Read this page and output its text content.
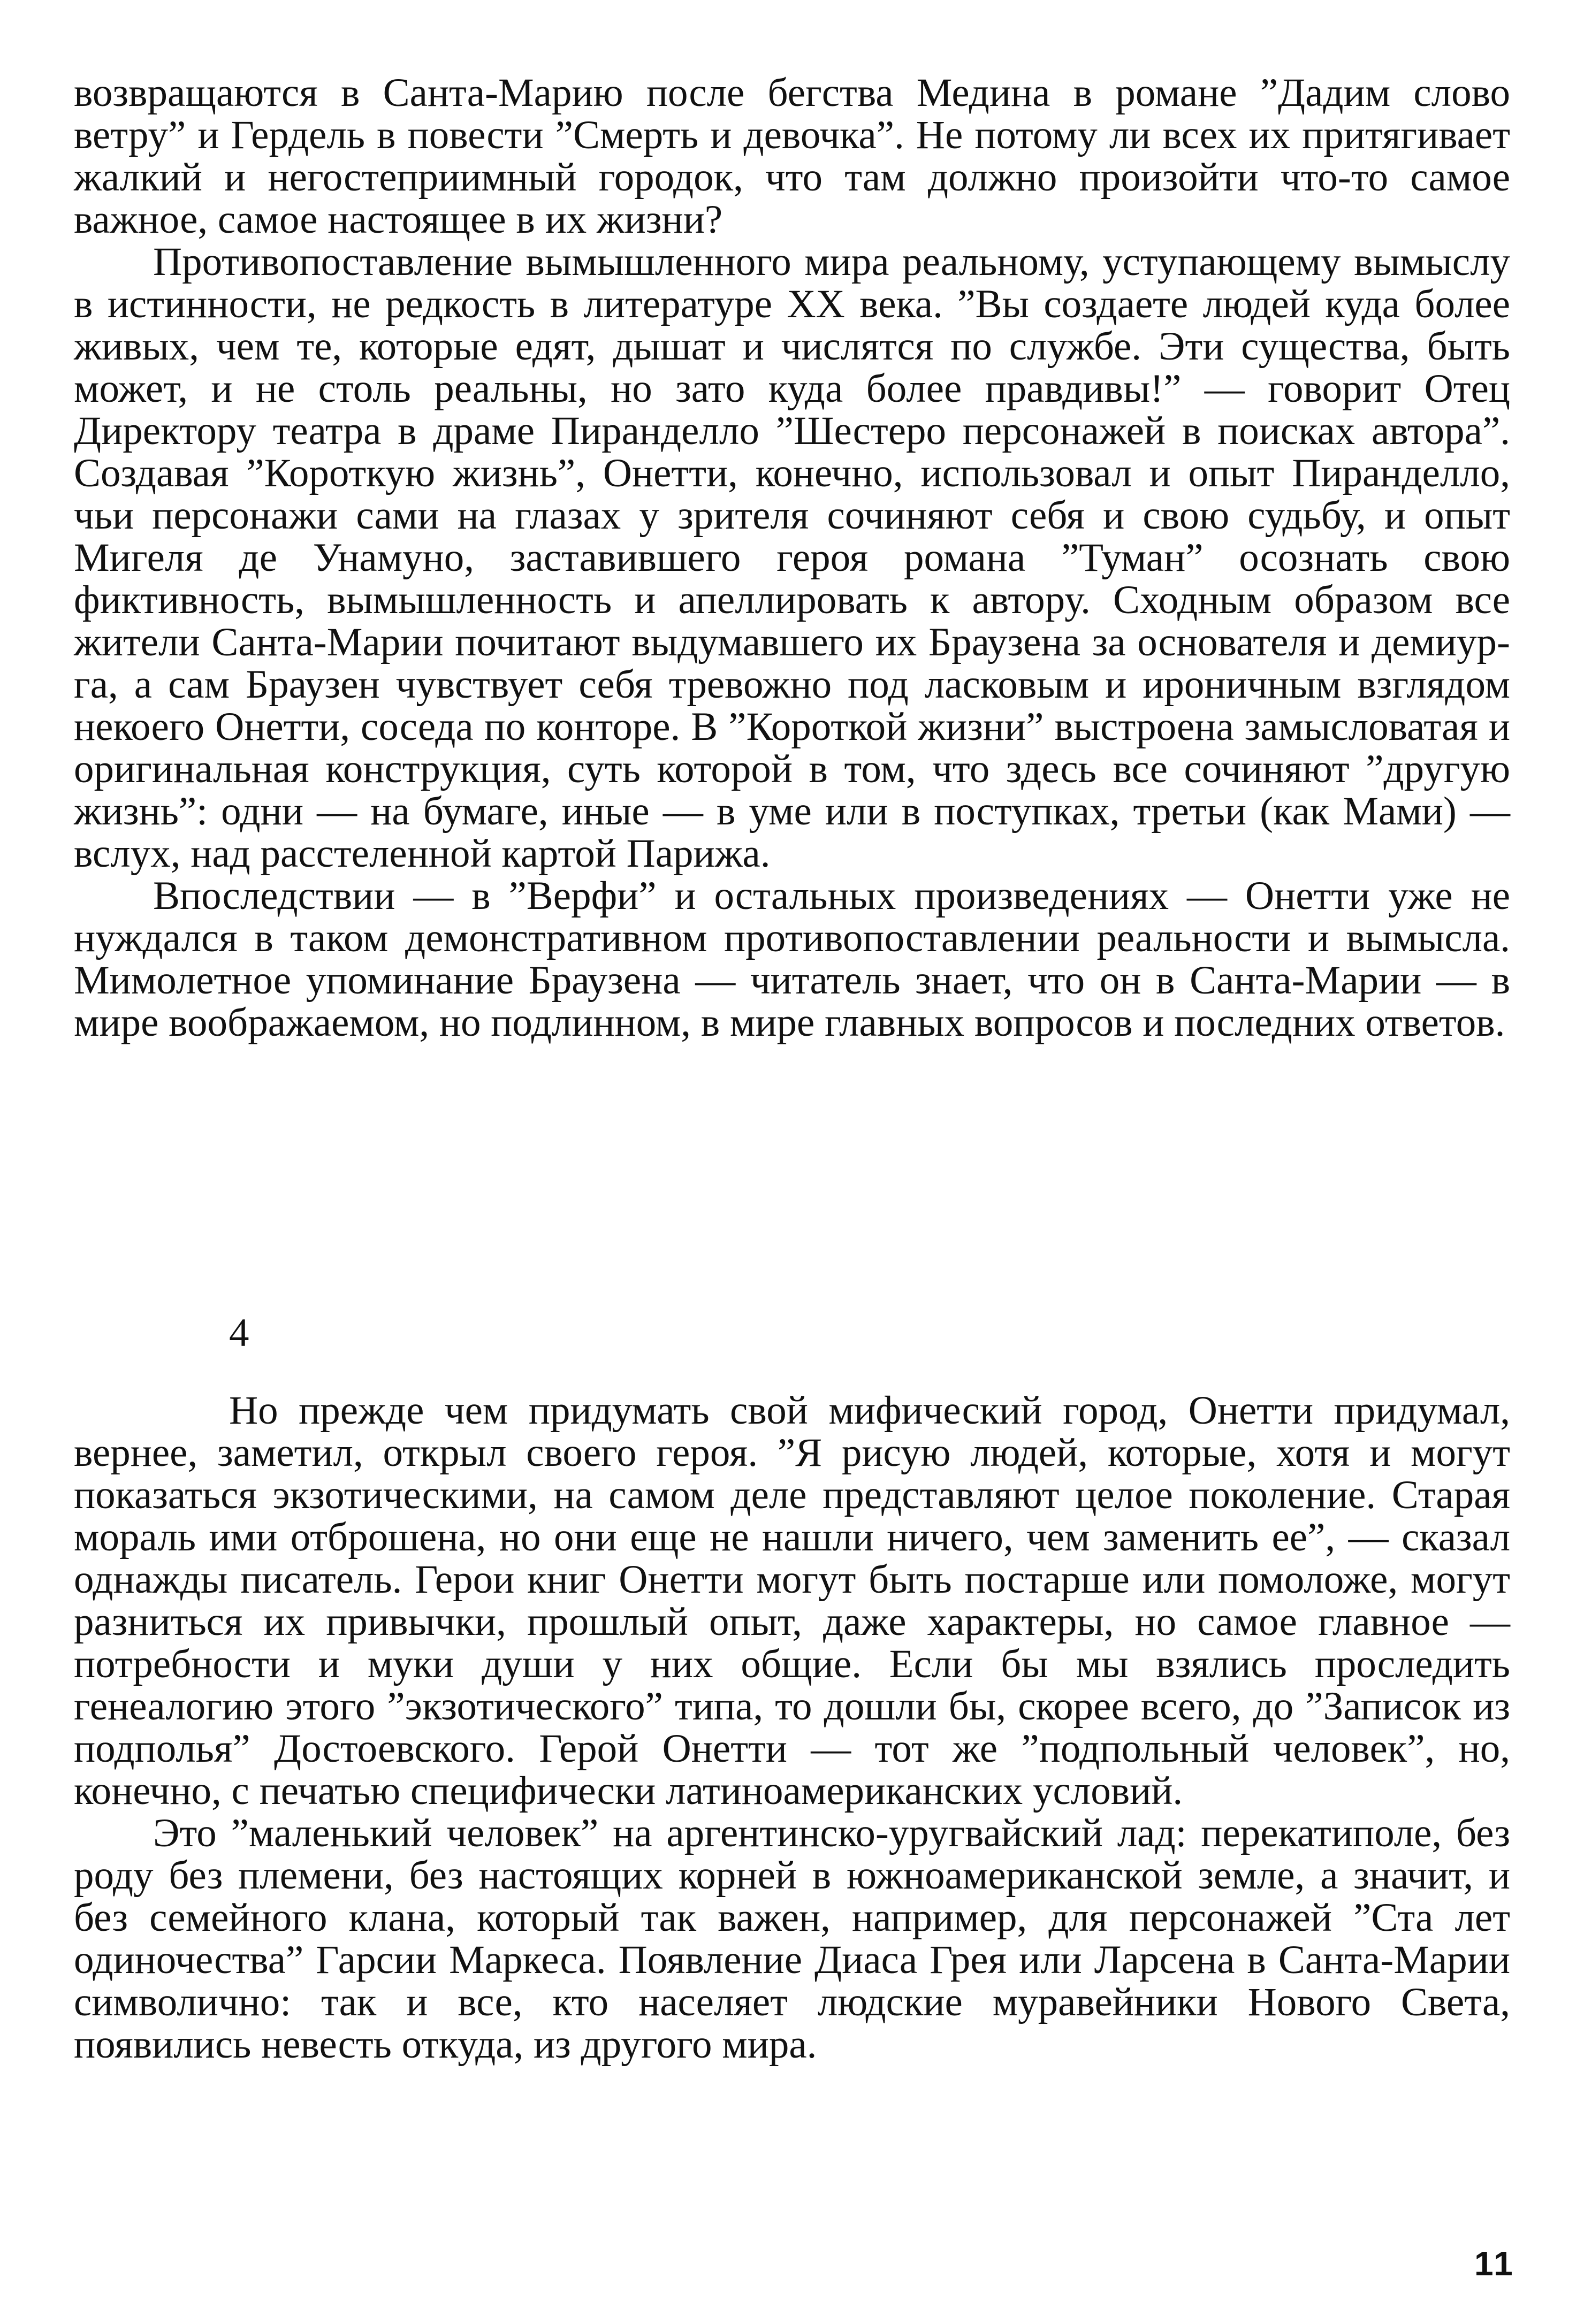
возвращаются в Санта-Марию после бегства Медина в романе ”Дадим слово ветру” и Гердель в повести ”Смерть и девочка”. Не потому ли всех их притягивает жалкий и негостеприимный городок, что там должно произойти что-то самое важное, самое настоящее в их жизни?

Противопоставление вымышленного мира реальному, уступающему вымыслу в истинности, не редкость в литературе XX века. ”Вы создаете людей куда более живых, чем те, которые едят, дышат и числятся по службе. Эти существа, быть может, и не столь реальны, но зато куда более правдивы!” — говорит Отец Директору театра в драме Пиранделло ”Шестеро персонажей в поисках автора”. Создавая ”Короткую жизнь”, Онетти, конечно, использовал и опыт Пиранделло, чьи персонажи сами на глазах у зрителя сочиняют себя и свою судьбу, и опыт Мигеля де Унамуно, заставившего героя романа ”Туман” осознать свою фиктивность, вымышленность и апеллировать к автору. Сходным образом все жители Санта-Марии почитают выдумавшего их Браузена за основателя и демиурга, а сам Браузен чувствует себя тревожно под ласковым и ироничным взглядом некоего Онетти, соседа по конторе. В ”Короткой жизни” выстроена замысловатая и оригинальная конструкция, суть которой в том, что здесь все сочиняют ”другую жизнь”: одни — на бумаге, иные — в уме или в поступках, третьи (как Мами) — вслух, над расстеленной картой Парижа.

Впоследствии — в ”Верфи” и остальных произведениях — Онетти уже не нуждался в таком демонстративном противопоставлении реальности и вымысла. Мимолетное упоминание Браузена — читатель знает, что он в Санта-Марии — в мире воображаемом, но подлинном, в мире главных вопросов и последних ответов.

4

Но прежде чем придумать свой мифический город, Онетти придумал, вернее, заметил, открыл своего героя. ”Я рисую людей, которые, хотя и могут показаться экзотическими, на самом деле представляют целое поколение. Старая мораль ими отброшена, но они еще не нашли ничего, чем заменить ее”, — сказал однажды писатель. Герои книг Онетти могут быть постарше или помоложе, могут разниться их привычки, прошлый опыт, даже характеры, но самое главное — потребности и муки души у них общие. Если бы мы взялись проследить генеалогию этого ”экзотического” типа, то дошли бы, скорее всего, до ”Записок из подполья” Достоевского. Герой Онетти — тот же ”подпольный человек”, но, конечно, с печатью специфически латиноамериканских условий.

Это ”маленький человек” на аргентинско-уругвайский лад: перекатиполе, без роду без племени, без настоящих корней в южноамериканской земле, а значит, и без семейного клана, который так важен, например, для персонажей ”Ста лет одиночества” Гарсии Маркеса. Появление Диаса Грея или Ларсена в Санта-Марии символично: так и все, кто населяет людские муравейники Нового Света, появились невесть откуда, из другого мира.

11
